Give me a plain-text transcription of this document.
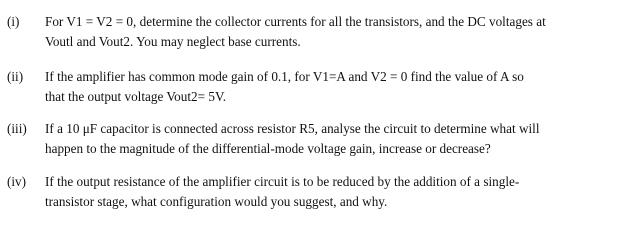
(i) For V1 = V2 = 0, determine the collector currents for all the transistors, and the DC voltages at
Voutl and Vout2. You may neglect base currents.
(ii) If the amplifier has common mode gain of 0.1, for V1=A and V2 = 0 find the value of A so
that the output voltage Vout2= 5V.
(iii) If a 10 μF capacitor is connected across resistor R5, analyse the circuit to determine what will
happen to the magnitude of the differential-mode voltage gain, increase or decrease?
(iv) If the output resistance of the amplifier circuit is to be reduced by the addition of a single-
transistor stage, what configuration would you suggest, and why.
